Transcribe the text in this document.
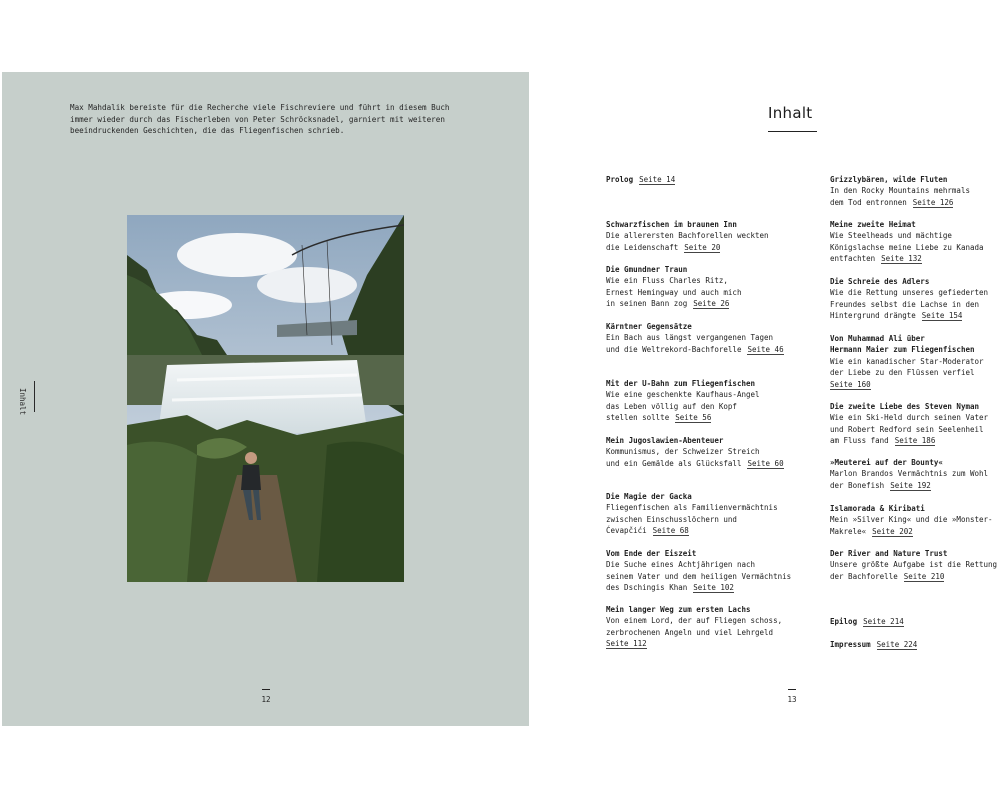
Max Mahdalik bereiste für die Recherche viele Fischreviere und führt in diesem Buch immer wieder durch das Fischerleben von Peter Schröcksnadel, garniert mit weiteren beeindruckenden Geschichten, die das Fliegenfischen schrieb.

Inhalt
12
Inhalt
Prolog Seite 14
Schwarzfischen im braunen Inn
Die allerersten Bachforellen weckten
die Leidenschaft Seite 20
Die Gmundner Traun
Wie ein Fluss Charles Ritz,
Ernest Hemingway und auch mich
in seinen Bann zog Seite 26
Kärntner Gegensätze
Ein Bach aus längst vergangenen Tagen
und die Weltrekord-Bachforelle Seite 46
Mit der U-Bahn zum Fliegenfischen
Wie eine geschenkte Kaufhaus-Angel
das Leben völlig auf den Kopf
stellen sollte Seite 56
Mein Jugoslawien-Abenteuer
Kommunismus, der Schweizer Streich
und ein Gemälde als Glücksfall Seite 60
Die Magie der Gacka
Fliegenfischen als Familienvermächtnis
zwischen Einschusslöchern und
Ćevapčići Seite 68
Vom Ende der Eiszeit
Die Suche eines Achtjährigen nach
seinem Vater und dem heiligen Vermächtnis
des Dschingis Khan Seite 102
Mein langer Weg zum ersten Lachs
Von einem Lord, der auf Fliegen schoss,
zerbrochenen Angeln und viel Lehrgeld
Seite 112
Grizzlybären, wilde Fluten
In den Rocky Mountains mehrmals
dem Tod entronnen Seite 126
Meine zweite Heimat
Wie Steelheads und mächtige
Königslachse meine Liebe zu Kanada
entfachten Seite 132
Die Schreie des Adlers
Wie die Rettung unseres gefiederten
Freundes selbst die Lachse in den
Hintergrund drängte Seite 154
Von Muhammad Ali über
Hermann Maier zum Fliegenfischen
Wie ein kanadischer Star-Moderator
der Liebe zu den Flüssen verfiel
Seite 160
Die zweite Liebe des Steven Nyman
Wie ein Ski-Held durch seinen Vater
und Robert Redford sein Seelenheil
am Fluss fand Seite 186
»Meuterei auf der Bounty«
Marlon Brandos Vermächtnis zum Wohl
der Bonefish Seite 192
Islamorada & Kiribati
Mein »Silver King« und die »Monster-
Makrele« Seite 202
Der River and Nature Trust
Unsere größte Aufgabe ist die Rettung
der Bachforelle Seite 210
Epilog Seite 214
Impressum Seite 224
13
